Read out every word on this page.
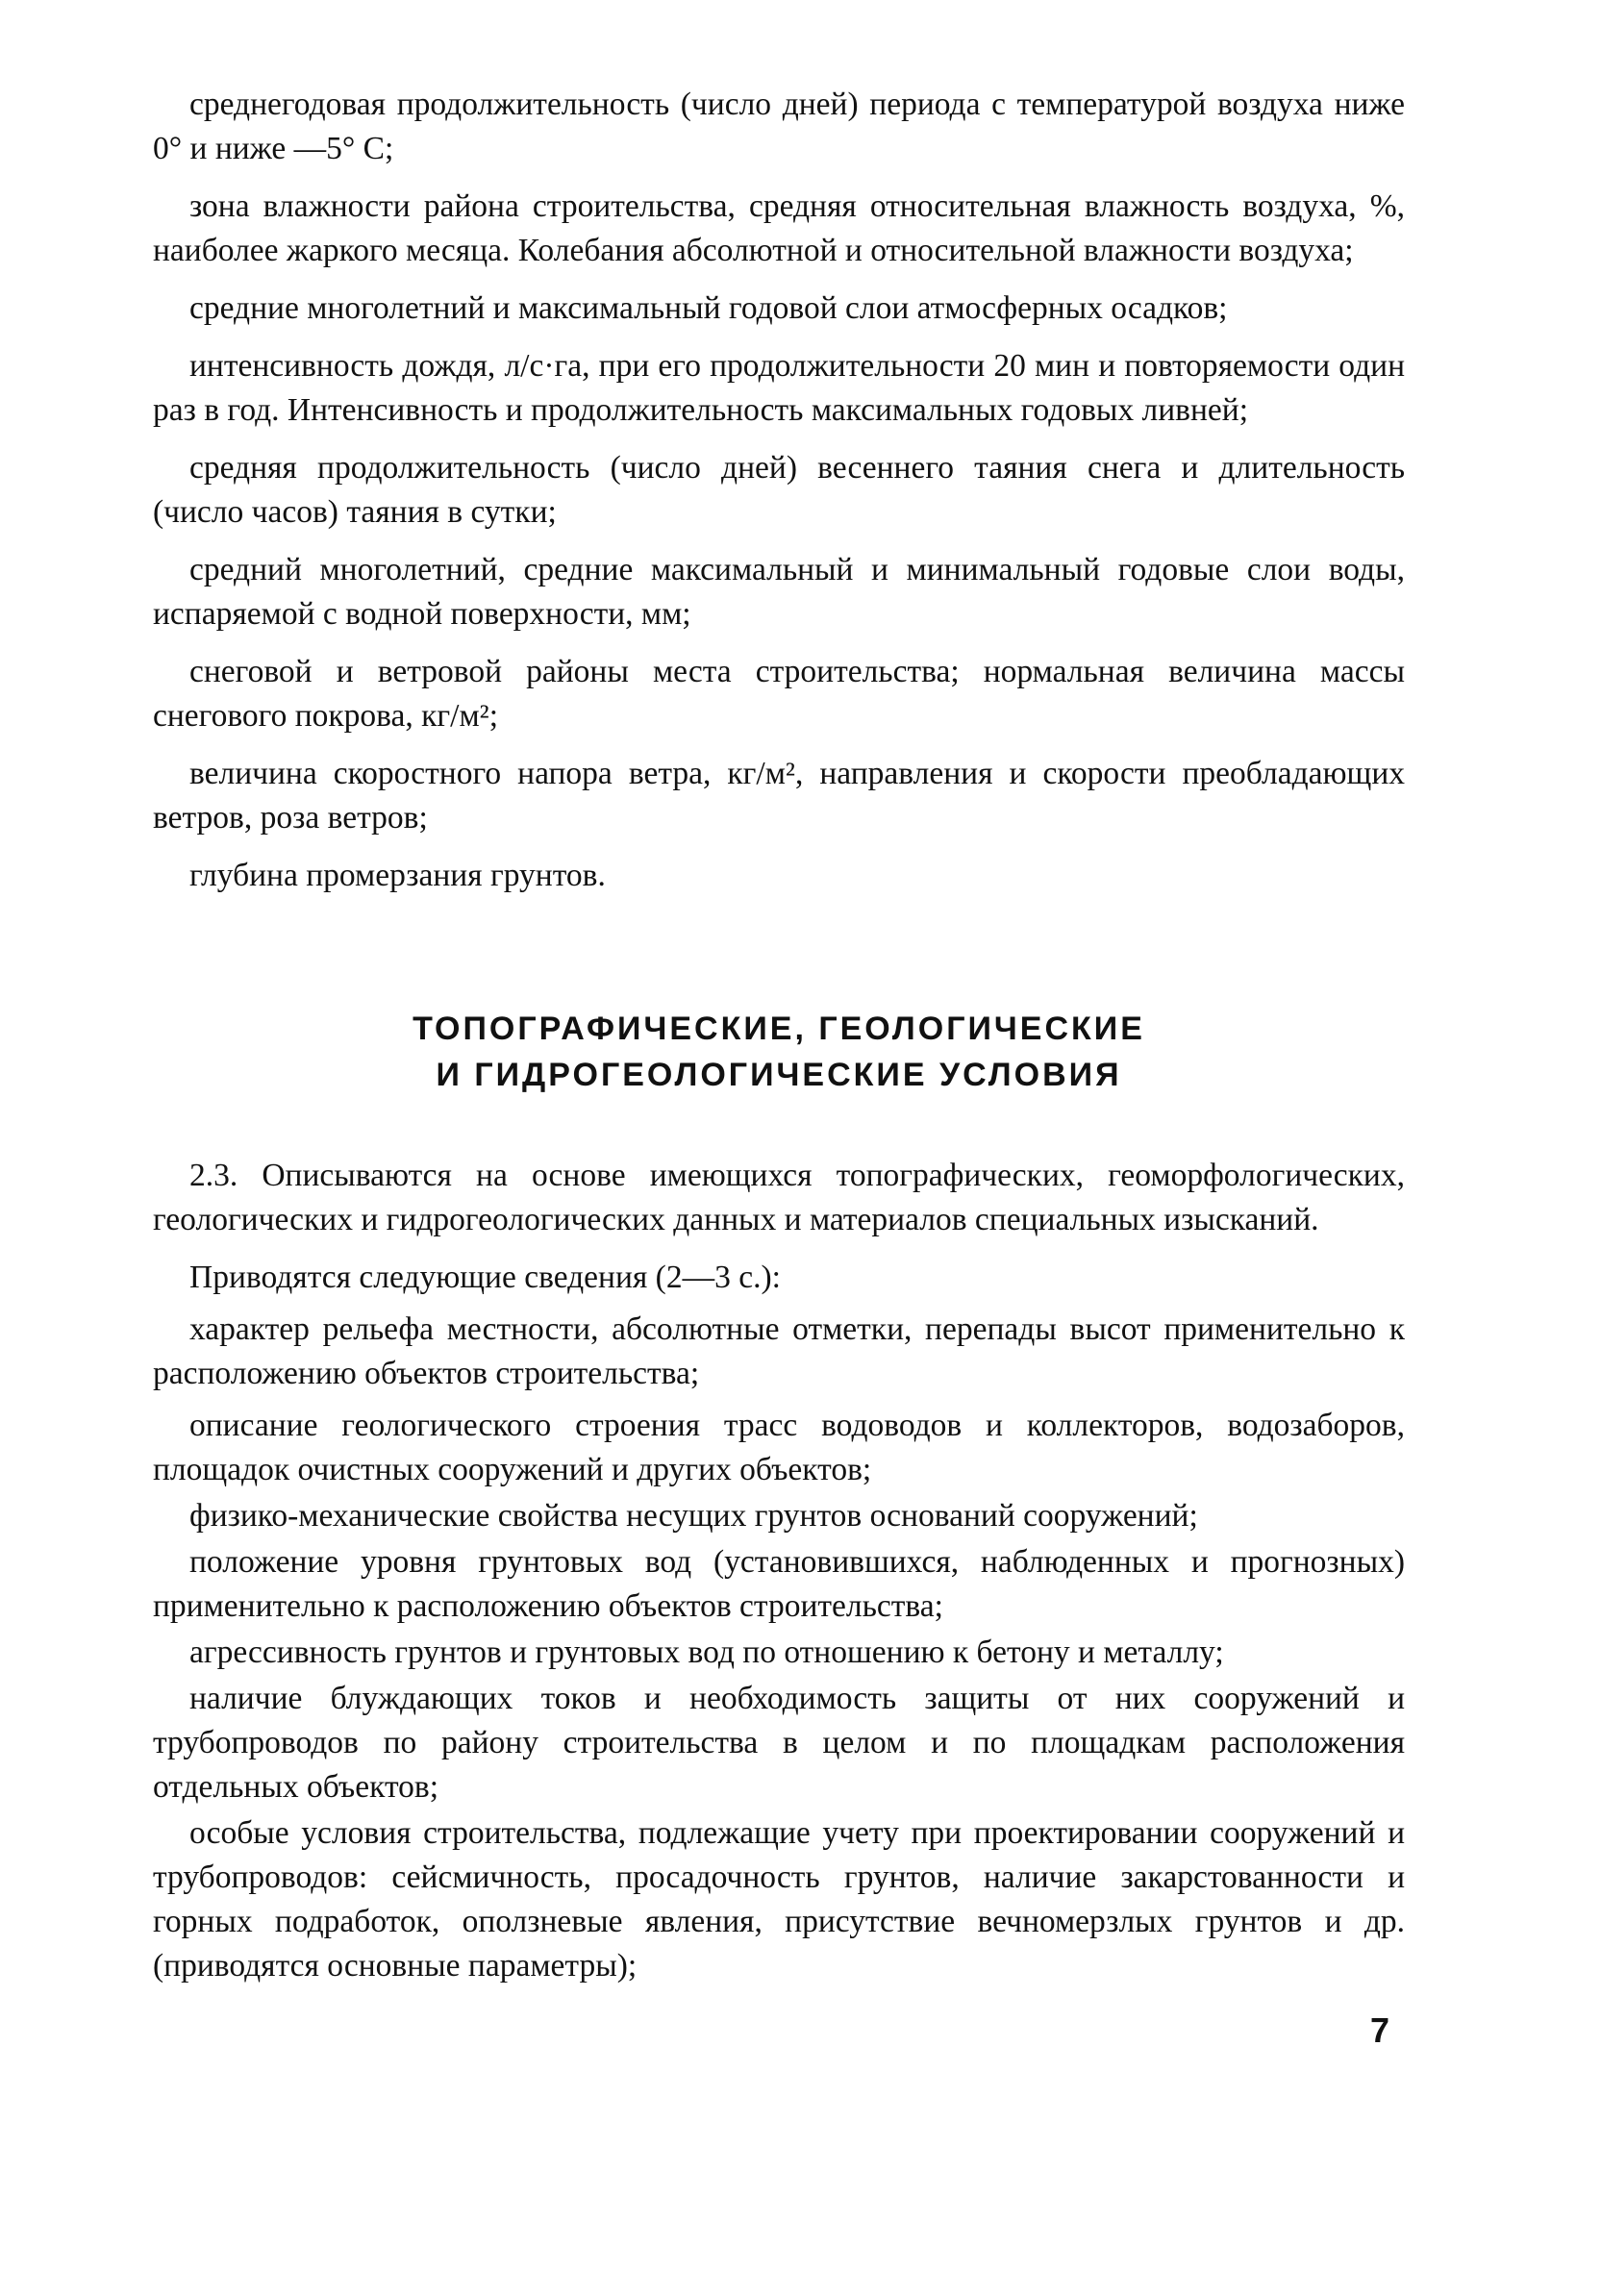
среднегодовая продолжительность (число дней) периода с температурой воздуха ниже 0° и ниже —5° С;

зона влажности района строительства, средняя относительная влажность воздуха, %, наиболее жаркого месяца. Колебания абсолютной и относительной влажности воздуха;

средние многолетний и максимальный годовой слои атмосферных осадков;

интенсивность дождя, л/с·га, при его продолжительности 20 мин и повторяемости один раз в год. Интенсивность и продолжительность максимальных годовых ливней;

средняя продолжительность (число дней) весеннего таяния снега и длительность (число часов) таяния в сутки;

средний многолетний, средние максимальный и минимальный годовые слои воды, испаряемой с водной поверхности, мм;

снеговой и ветровой районы места строительства; нормальная величина массы снегового покрова, кг/м²;

величина скоростного напора ветра, кг/м², направления и скорости преобладающих ветров, роза ветров;

глубина промерзания грунтов.

ТОПОГРАФИЧЕСКИЕ, ГЕОЛОГИЧЕСКИЕ
И ГИДРОГЕОЛОГИЧЕСКИЕ УСЛОВИЯ

2.3. Описываются на основе имеющихся топографических, геоморфологических, геологических и гидрогеологических данных и материалов специальных изысканий.

Приводятся следующие сведения (2—3 с.):

характер рельефа местности, абсолютные отметки, перепады высот применительно к расположению объектов строительства;

описание геологического строения трасс водоводов и коллекторов, водозаборов, площадок очистных сооружений и других объектов;

физико-механические свойства несущих грунтов оснований сооружений;

положение уровня грунтовых вод (установившихся, наблюденных и прогнозных) применительно к расположению объектов строительства;

агрессивность грунтов и грунтовых вод по отношению к бетону и металлу;

наличие блуждающих токов и необходимость защиты от них сооружений и трубопроводов по району строительства в целом и по площадкам расположения отдельных объектов;

особые условия строительства, подлежащие учету при проектировании сооружений и трубопроводов: сейсмичность, просадочность грунтов, наличие закарстованности и горных подработок, оползневые явления, присутствие вечномерзлых грунтов и др. (приводятся основные параметры);

7
